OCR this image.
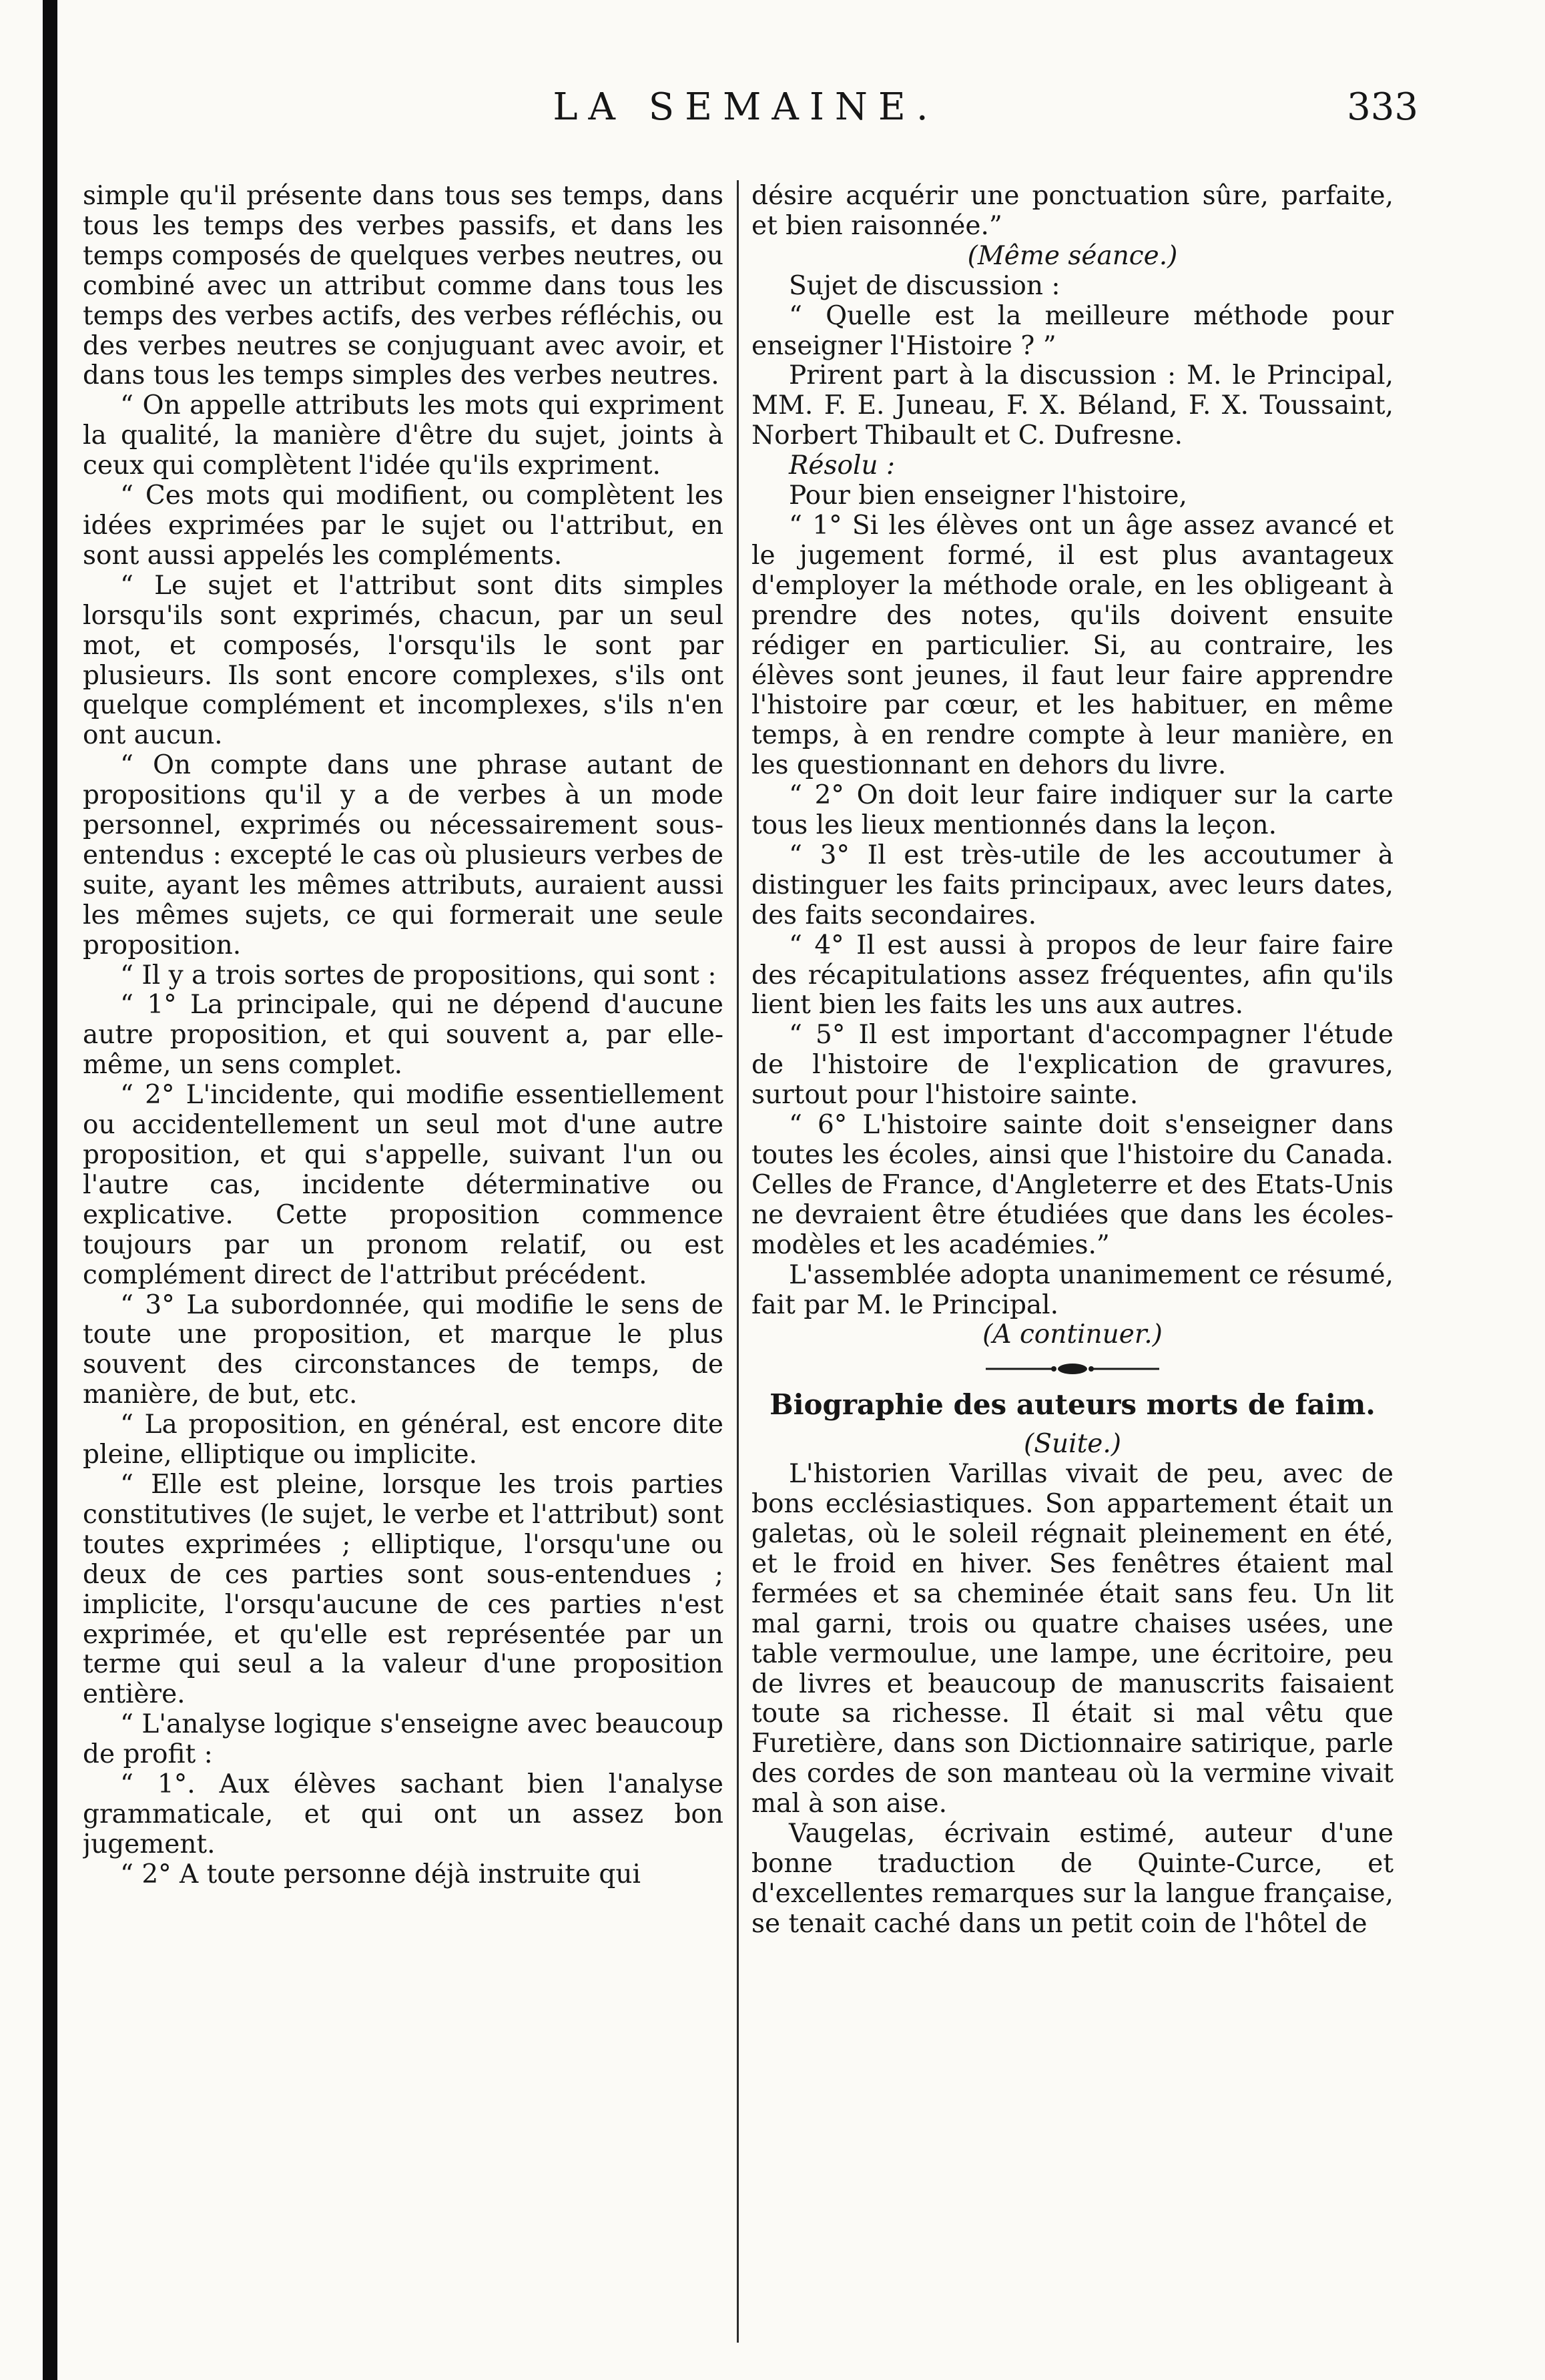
LA SEMAINE.	333

simple qu'il présente dans tous ses temps, dans tous les temps des verbes passifs, et dans les temps composés de quelques verbes neutres, ou combiné avec un attribut comme dans tous les temps des verbes actifs, des verbes réfléchis, ou des verbes neutres se conjuguant avec avoir, et dans tous les temps simples des verbes neutres.

“ On appelle attributs les mots qui expriment la qualité, la manière d'être du sujet, joints à ceux qui complètent l'idée qu'ils expriment.

“ Ces mots qui modifient, ou complètent les idées exprimées par le sujet ou l'attribut, en sont aussi appelés les compléments.

“ Le sujet et l'attribut sont dits simples lorsqu'ils sont exprimés, chacun, par un seul mot, et composés, l'orsqu'ils le sont par plusieurs. Ils sont encore complexes, s'ils ont quelque complément et incomplexes, s'ils n'en ont aucun.

“ On compte dans une phrase autant de propositions qu'il y a de verbes à un mode personnel, exprimés ou nécessairement sous-entendus : excepté le cas où plusieurs verbes de suite, ayant les mêmes attributs, auraient aussi les mêmes sujets, ce qui formerait une seule proposition.

“ Il y a trois sortes de propositions, qui sont :

“ 1° La principale, qui ne dépend d'aucune autre proposition, et qui souvent a, par elle-même, un sens complet.

“ 2° L'incidente, qui modifie essentiellement ou accidentellement un seul mot d'une autre proposition, et qui s'appelle, suivant l'un ou l'autre cas, incidente déterminative ou explicative. Cette proposition commence toujours par un pronom relatif, ou est complément direct de l'attribut précédent.

“ 3° La subordonnée, qui modifie le sens de toute une proposition, et marque le plus souvent des circonstances de temps, de manière, de but, etc.

“ La proposition, en général, est encore dite pleine, elliptique ou implicite.

“ Elle est pleine, lorsque les trois parties constitutives (le sujet, le verbe et l'attribut) sont toutes exprimées ; elliptique, l'orsqu'une ou deux de ces parties sont sous-entendues ; implicite, l'orsqu'aucune de ces parties n'est exprimée, et qu'elle est représentée par un terme qui seul a la valeur d'une proposition entière.

“ L'analyse logique s'enseigne avec beaucoup de profit :

“ 1°. Aux élèves sachant bien l'analyse grammaticale, et qui ont un assez bon jugement.

“ 2° A toute personne déjà instruite qui

désire acquérir une ponctuation sûre, parfaite, et bien raisonnée.”

(Même séance.)

Sujet de discussion :

“ Quelle est la meilleure méthode pour enseigner l'Histoire ? ”

Prirent part à la discussion : M. le Principal, MM. F. E. Juneau, F. X. Béland, F. X. Toussaint, Norbert Thibault et C. Dufresne.

Résolu :

Pour bien enseigner l'histoire,

“ 1° Si les élèves ont un âge assez avancé et le jugement formé, il est plus avantageux d'employer la méthode orale, en les obligeant à prendre des notes, qu'ils doivent ensuite rédiger en particulier. Si, au contraire, les élèves sont jeunes, il faut leur faire apprendre l'histoire par cœur, et les habituer, en même temps, à en rendre compte à leur manière, en les questionnant en dehors du livre.

“ 2° On doit leur faire indiquer sur la carte tous les lieux mentionnés dans la leçon.

“ 3° Il est très-utile de les accoutumer à distinguer les faits principaux, avec leurs dates, des faits secondaires.

“ 4° Il est aussi à propos de leur faire faire des récapitulations assez fréquentes, afin qu'ils lient bien les faits les uns aux autres.

“ 5° Il est important d'accompagner l'étude de l'histoire de l'explication de gravures, surtout pour l'histoire sainte.

“ 6° L'histoire sainte doit s'enseigner dans toutes les écoles, ainsi que l'histoire du Canada. Celles de France, d'Angleterre et des Etats-Unis ne devraient être étudiées que dans les écoles-modèles et les académies.”

L'assemblée adopta unanimement ce résumé, fait par M. le Principal.

(A continuer.)

Biographie des auteurs morts de faim.

(Suite.)

L'historien Varillas vivait de peu, avec de bons ecclésiastiques. Son appartement était un galetas, où le soleil régnait pleinement en été, et le froid en hiver. Ses fenêtres étaient mal fermées et sa cheminée était sans feu. Un lit mal garni, trois ou quatre chaises usées, une table vermoulue, une lampe, une écritoire, peu de livres et beaucoup de manuscrits faisaient toute sa richesse. Il était si mal vêtu que Furetière, dans son Dictionnaire satirique, parle des cordes de son manteau où la vermine vivait mal à son aise.

Vaugelas, écrivain estimé, auteur d'une bonne traduction de Quinte-Curce, et d'excellentes remarques sur la langue française, se tenait caché dans un petit coin de l'hôtel de
